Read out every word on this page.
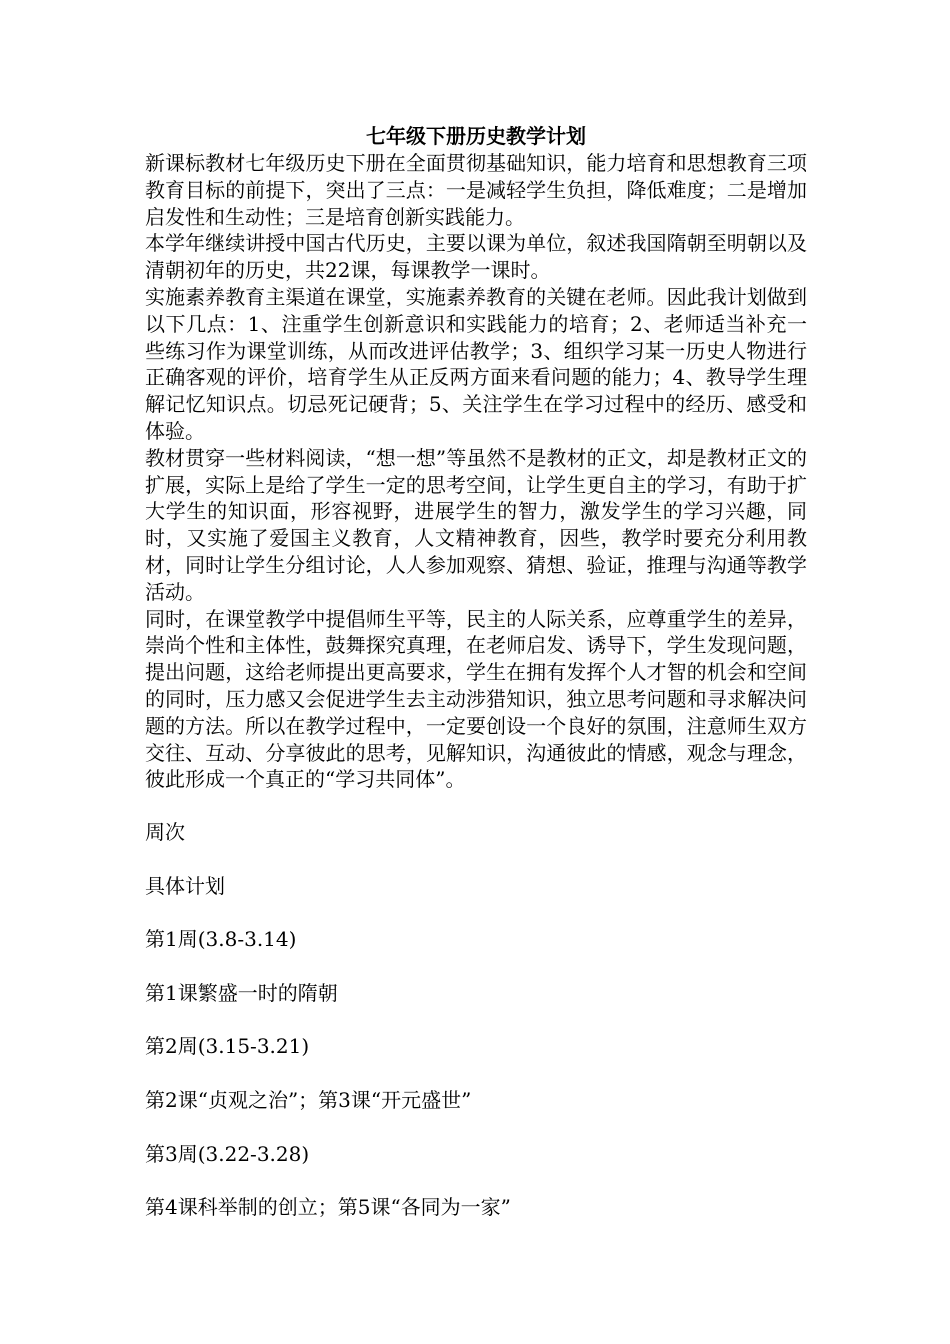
七年级下册历史教学计划

新课标教材七年级历史下册在全面贯彻基础知识，能力培育和思想教育三项教育目标的前提下，突出了三点：一是减轻学生负担，降低难度；二是增加启发性和生动性；三是培育创新实践能力。

本学年继续讲授中国古代历史，主要以课为单位，叙述我国隋朝至明朝以及清朝初年的历史，共22课，每课教学一课时。

实施素养教育主渠道在课堂，实施素养教育的关键在老师。因此我计划做到以下几点：1、注重学生创新意识和实践能力的培育；2、老师适当补充一些练习作为课堂训练，从而改进评估教学；3、组织学习某一历史人物进行正确客观的评价，培育学生从正反两方面来看问题的能力；4、教导学生理解记忆知识点。切忌死记硬背；5、关注学生在学习过程中的经历、感受和体验。

教材贯穿一些材料阅读，“想一想”等虽然不是教材的正文，却是教材正文的扩展，实际上是给了学生一定的思考空间，让学生更自主的学习，有助于扩大学生的知识面，形容视野，进展学生的智力，激发学生的学习兴趣，同时，又实施了爱国主义教育，人文精神教育，因些，教学时要充分利用教材，同时让学生分组讨论，人人参加观察、猜想、验证，推理与沟通等教学活动。

同时，在课堂教学中提倡师生平等，民主的人际关系，应尊重学生的差异，崇尚个性和主体性，鼓舞探究真理，在老师启发、诱导下，学生发现问题，提出问题，这给老师提出更高要求，学生在拥有发挥个人才智的机会和空间的同时，压力感又会促进学生去主动涉猎知识，独立思考问题和寻求解决问题的方法。所以在教学过程中，一定要创设一个良好的氛围，注意师生双方交往、互动、分享彼此的思考，见解知识，沟通彼此的情感，观念与理念，彼此形成一个真正的“学习共同体”。

周次
具体计划
第1周(3.8-3.14)
第1课繁盛一时的隋朝
第2周(3.15-3.21)
第2课“贞观之治”；第3课“开元盛世”
第3周(3.22-3.28)
第4课科举制的创立；第5课“各同为一家”
